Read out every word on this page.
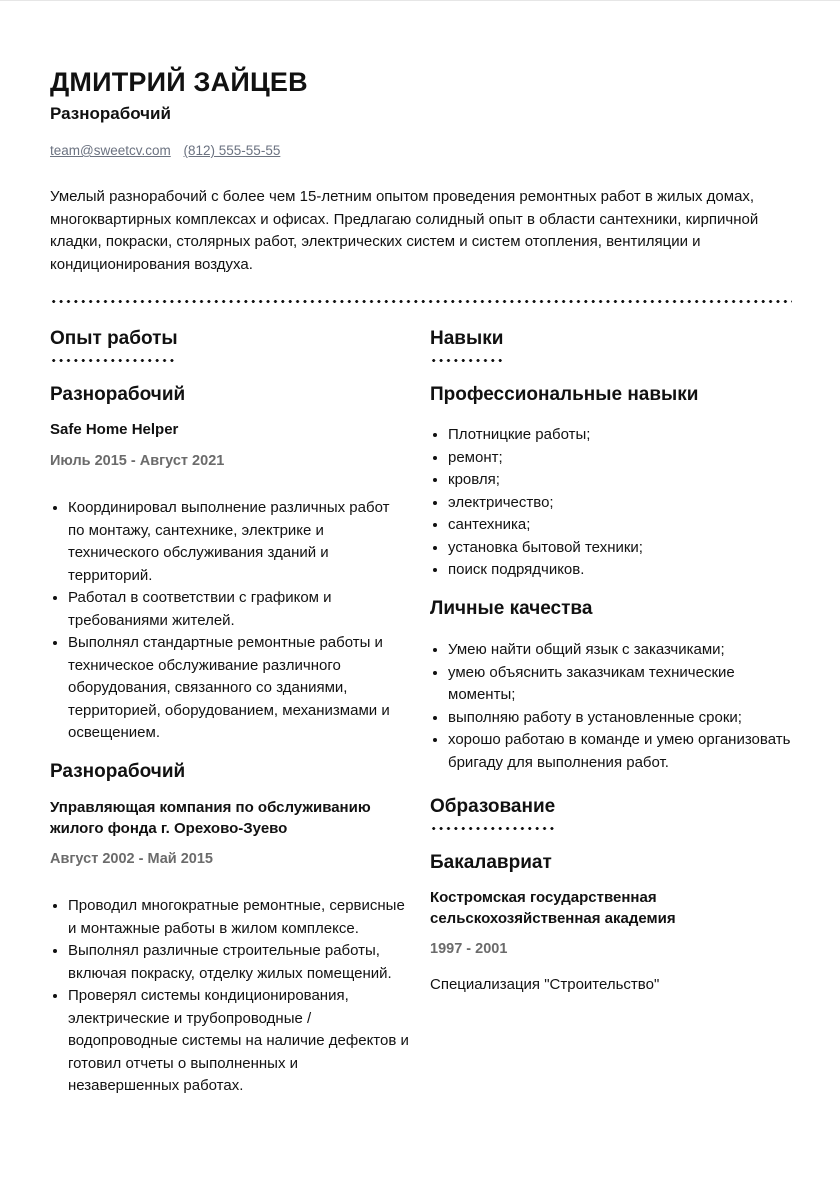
ДМИТРИЙ ЗАЙЦЕВ
Разнорабочий
team@sweetcv.com (812) 555-55-55

Умелый разнорабочий с более чем 15-летним опытом проведения ремонтных работ в жилых домах, многоквартирных комплексах и офисах. Предлагаю солидный опыт в области сантехники, кирпичной кладки, покраски, столярных работ, электрических систем и систем отопления, вентиляции и кондиционирования воздуха.

Опыт работы
Разнорабочий

Safe Home Helper

Июль 2015 - Август 2021
• Координировал выполнение различных работ по монтажу, сантехнике, электрике и технического обслуживания зданий и территорий.
• Работал в соответствии с графиком и требованиями жителей.
• Выполнял стандартные ремонтные работы и техническое обслуживание различного оборудования, связанного со зданиями, территорией, оборудованием, механизмами и освещением.
Разнорабочий

Управляющая компания по обслуживанию жилого фонда г. Орехово-Зуево

Август 2002 - Май 2015
• Проводил многократные ремонтные, сервисные и монтажные работы в жилом комплексе.
• Выполнял различные строительные работы, включая покраску, отделку жилых помещений.
• Проверял системы кондиционирования, электрические и трубопроводные / водопроводные системы на наличие дефектов и готовил отчеты о выполненных и незавершенных работах.
Навыки
Профессиональные навыки
• Плотницкие работы;
• ремонт;
• кровля;
• электричество;
• сантехника;
• установка бытовой техники;
• поиск подрядчиков.
Личные качества
• Умею найти общий язык с заказчиками;
• умею объяснить заказчикам технические моменты;
• выполняю работу в установленные сроки;
• хорошо работаю в команде и умею организовать бригаду для выполнения работ.
Образование
Бакалавриат

Костромская государственная сельскохозяйственная академия

1997 - 2001
Специализация "Строительство"
